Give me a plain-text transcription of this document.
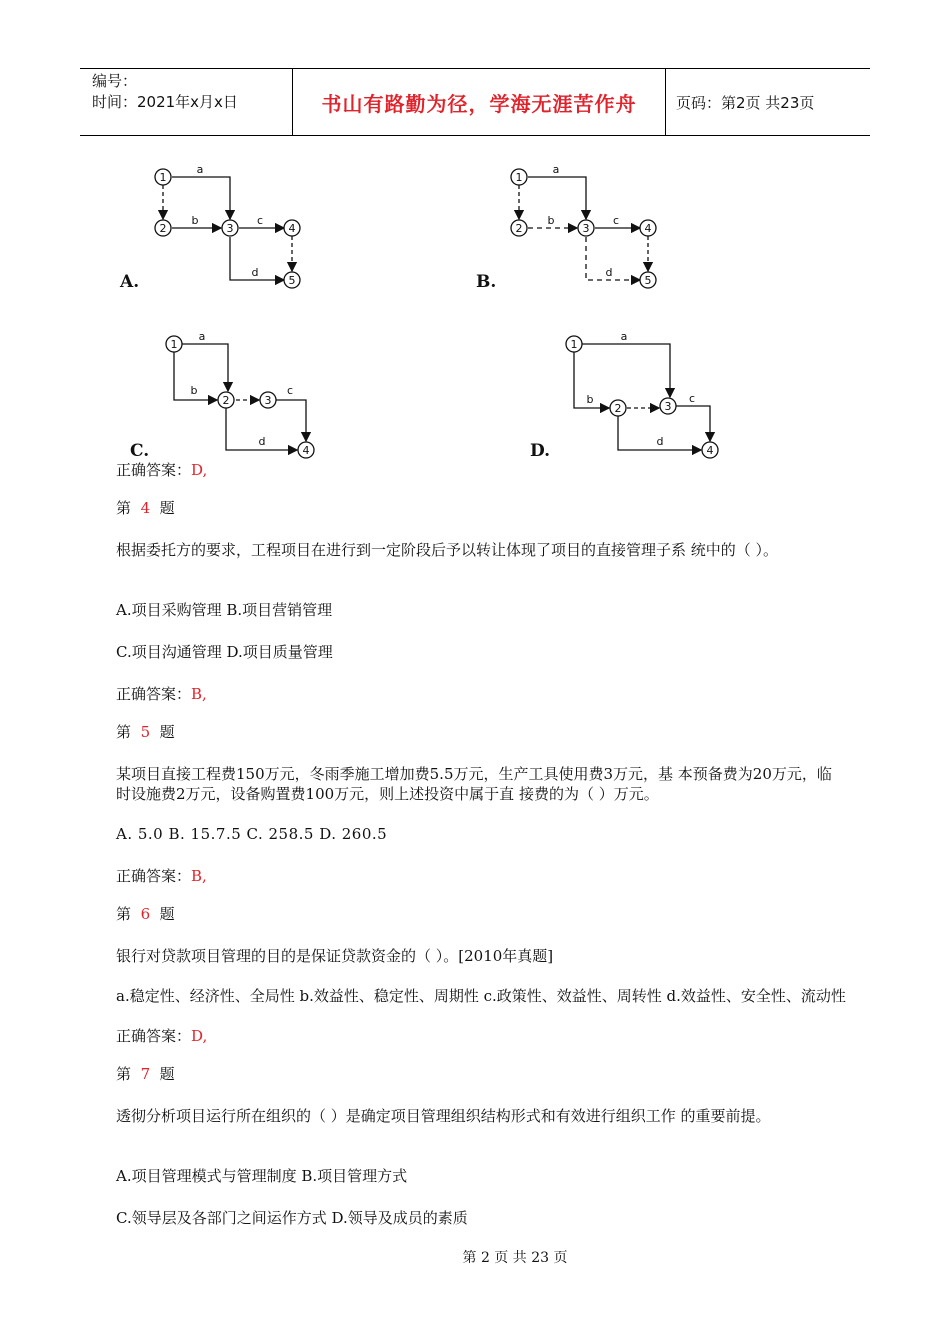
编号：
时间：2021年x月x日	书山有路勤为径，学海无涯苦作舟	页码：第2页 共23页
1
2	3	4
5
a
b	c
d
A.
1
2	3	4
5
a
b	c
d
B.
1
2	3
4
a
b	c
d
C.
1
2	3
4
a
b	c
d
D.
正确答案：D,
第 4 题
根据委托方的要求，工程项目在进行到一定阶段后予以转让体现了项目的直接管理子系 统中的（ ）。
A.项目采购管理 B.项目营销管理
C.项目沟通管理 D.项目质量管理
正确答案：B,
第 5 题
某项目直接工程费150万元，冬雨季施工增加费5.5万元，生产工具使用费3万元，基 本预备费为20万元，临时设施费2万元，设备购置费100万元，则上述投资中属于直 接费的为（ ）万元。
A. 5.0 B. 15.7.5 C. 258.5 D. 260.5
正确答案：B,
第 6 题
银行对贷款项目管理的目的是保证贷款资金的（ ）。[2010年真题]
a.稳定性、经济性、全局性 b.效益性、稳定性、周期性 c.政策性、效益性、周转性 d.效益性、安全性、流动性
正确答案：D,
第 7 题
透彻分析项目运行所在组织的（ ）是确定项目管理组织结构形式和有效进行组织工作 的重要前提。
A.项目管理模式与管理制度 B.项目管理方式
C.领导层及各部门之间运作方式 D.领导及成员的素质
第 2 页 共 23 页
